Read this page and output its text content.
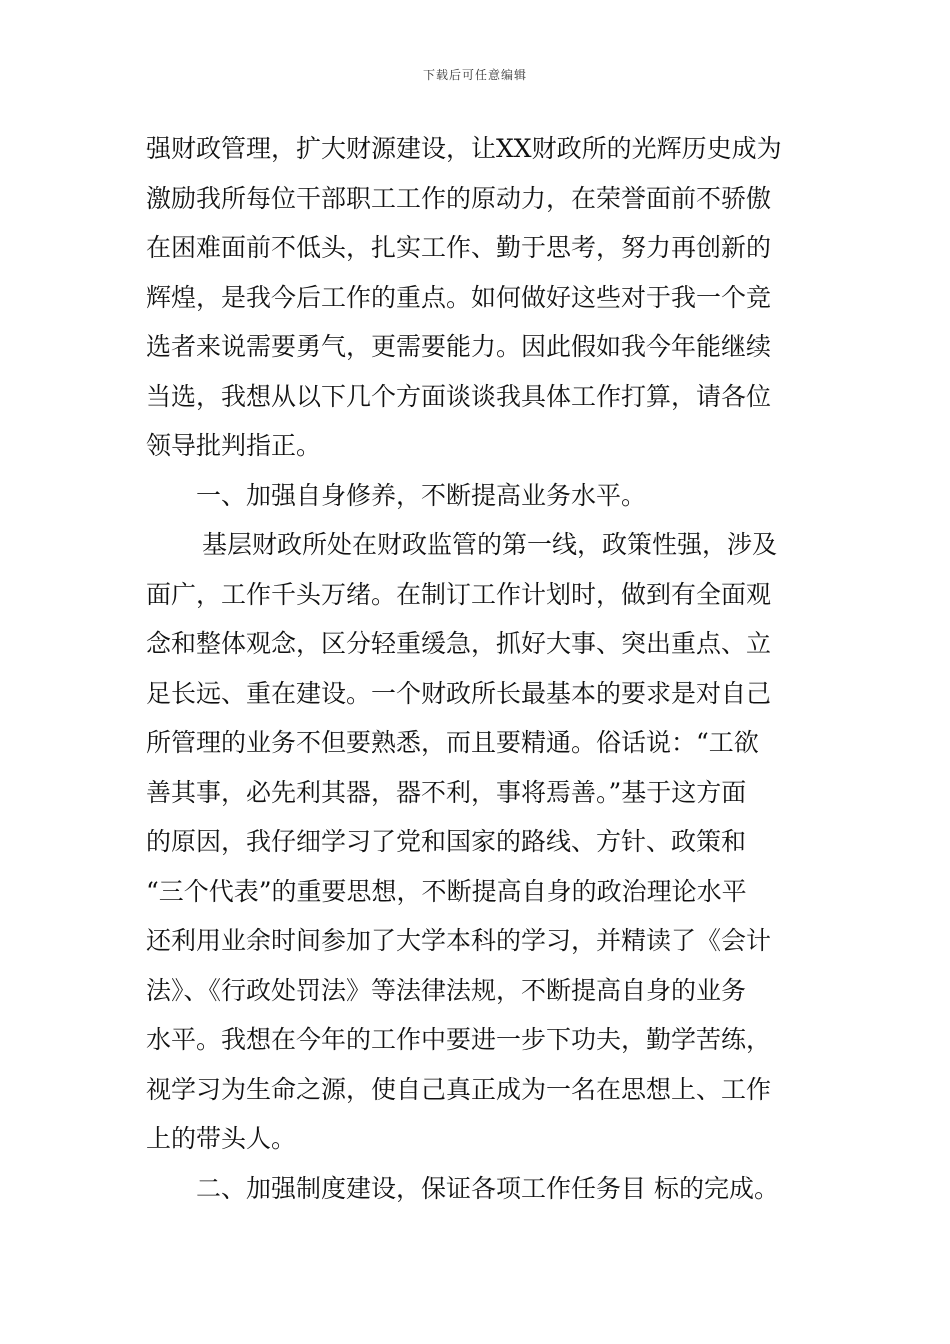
下载后可任意编辑
强财政管理，扩大财源建设，让XX财政所的光辉历史成为
激励我所每位干部职工工作的原动力，在荣誉面前不骄傲
在困难面前不低头，扎实工作、勤于思考，努力再创新的
辉煌，是我今后工作的重点。如何做好这些对于我一个竞
选者来说需要勇气，更需要能力。因此假如我今年能继续
当选，我想从以下几个方面谈谈我具体工作打算，请各位
领导批判指正。
一、加强自身修养，不断提高业务水平。
基层财政所处在财政监管的第一线，政策性强，涉及
面广，工作千头万绪。在制订工作计划时，做到有全面观
念和整体观念，区分轻重缓急，抓好大事、突出重点、立
足长远、重在建设。一个财政所长最基本的要求是对自己
所管理的业务不但要熟悉，而且要精通。俗话说：“工欲
善其事，必先利其器，器不利，事将焉善。”基于这方面
的原因，我仔细学习了党和国家的路线、方针、政策和
“三个代表”的重要思想，不断提高自身的政治理论水平
还利用业余时间参加了大学本科的学习，并精读了《会计
法》、《行政处罚法》等法律法规，不断提高自身的业务
水平。我想在今年的工作中要进一步下功夫，勤学苦练，
视学习为生命之源，使自己真正成为一名在思想上、工作
上的带头人。
二、加强制度建设，保证各项工作任务目 标的完成。
